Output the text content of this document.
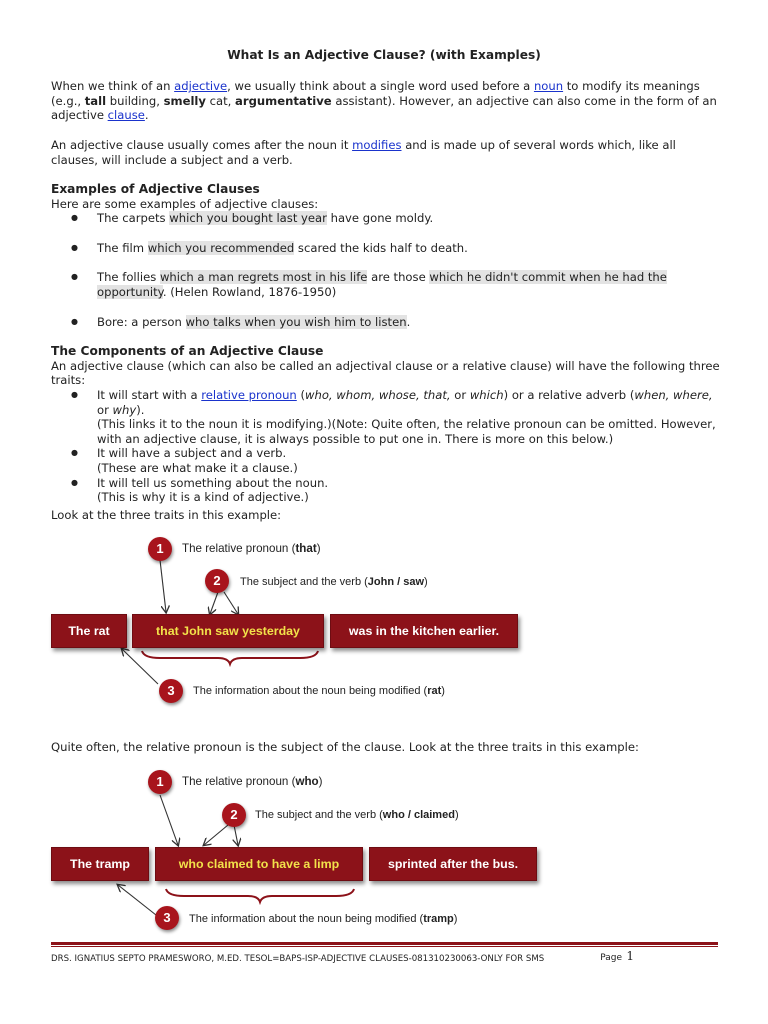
What Is an Adjective Clause? (with Examples)
When we think of an adjective, we usually think about a single word used before a noun to modify its meanings (e.g., tall building, smelly cat, argumentative assistant). However, an adjective can also come in the form of an adjective clause.
An adjective clause usually comes after the noun it modifies and is made up of several words which, like all clauses, will include a subject and a verb.
Examples of Adjective Clauses
Here are some examples of adjective clauses:
● The carpets which you bought last year have gone moldy.
● The film which you recommended scared the kids half to death.
● The follies which a man regrets most in his life are those which he didn't commit when he had the opportunity. (Helen Rowland, 1876-1950)
● Bore: a person who talks when you wish him to listen.
The Components of an Adjective Clause
An adjective clause (which can also be called an adjectival clause or a relative clause) will have the following three traits:
● It will start with a relative pronoun (who, whom, whose, that, or which) or a relative adverb (when, where, or why).
(This links it to the noun it is modifying.)(Note: Quite often, the relative pronoun can be omitted. However, with an adjective clause, it is always possible to put one in. There is more on this below.)
● It will have a subject and a verb.
(These are what make it a clause.)
● It will tell us something about the noun.
(This is why it is a kind of adjective.)
Look at the three traits in this example:
1	The relative pronoun (that)
2	The subject and the verb (John / saw)
The rat	that John saw yesterday	was in the kitchen earlier.
3	The information about the noun being modified (rat)
Quite often, the relative pronoun is the subject of the clause. Look at the three traits in this example:
1	The relative pronoun (who)
2	The subject and the verb (who / claimed)
The tramp	who claimed to have a limp	sprinted after the bus.
3	The information about the noun being modified (tramp)
DRS. IGNATIUS SEPTO PRAMESWORO, M.ED. TESOL=BAPS-ISP-ADJECTIVE CLAUSES-081310230063-ONLY FOR SMS	Page 1
